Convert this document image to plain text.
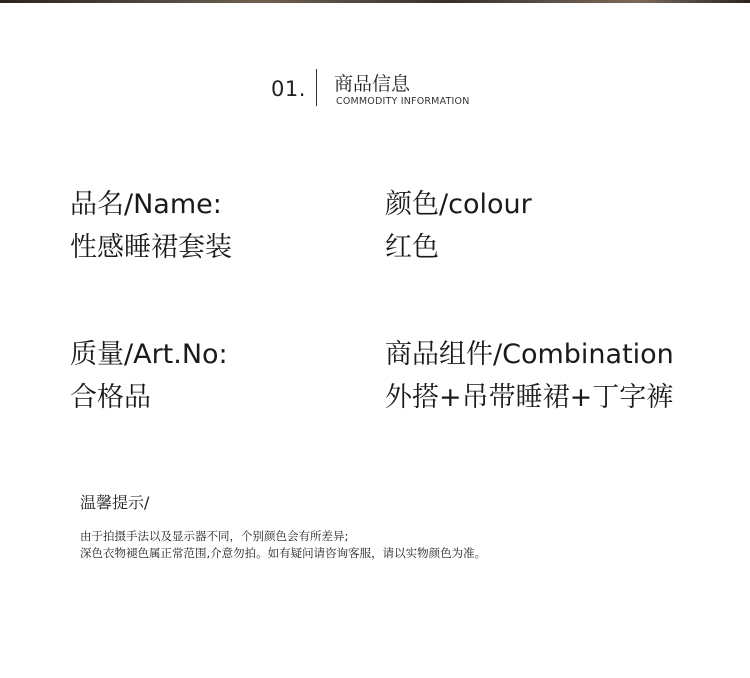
01. 商品信息
COMMODITY INFORMATION
品名/Name:
性感睡裙套装
颜色/colour
红色
质量/Art.No:
合格品
商品组件/Combination
外搭+吊带睡裙+丁字裤
温馨提示/
由于拍摄手法以及显示器不同，个别颜色会有所差异;
深色衣物褪色属正常范围,介意勿拍。如有疑问请咨询客服，请以实物颜色为准。
